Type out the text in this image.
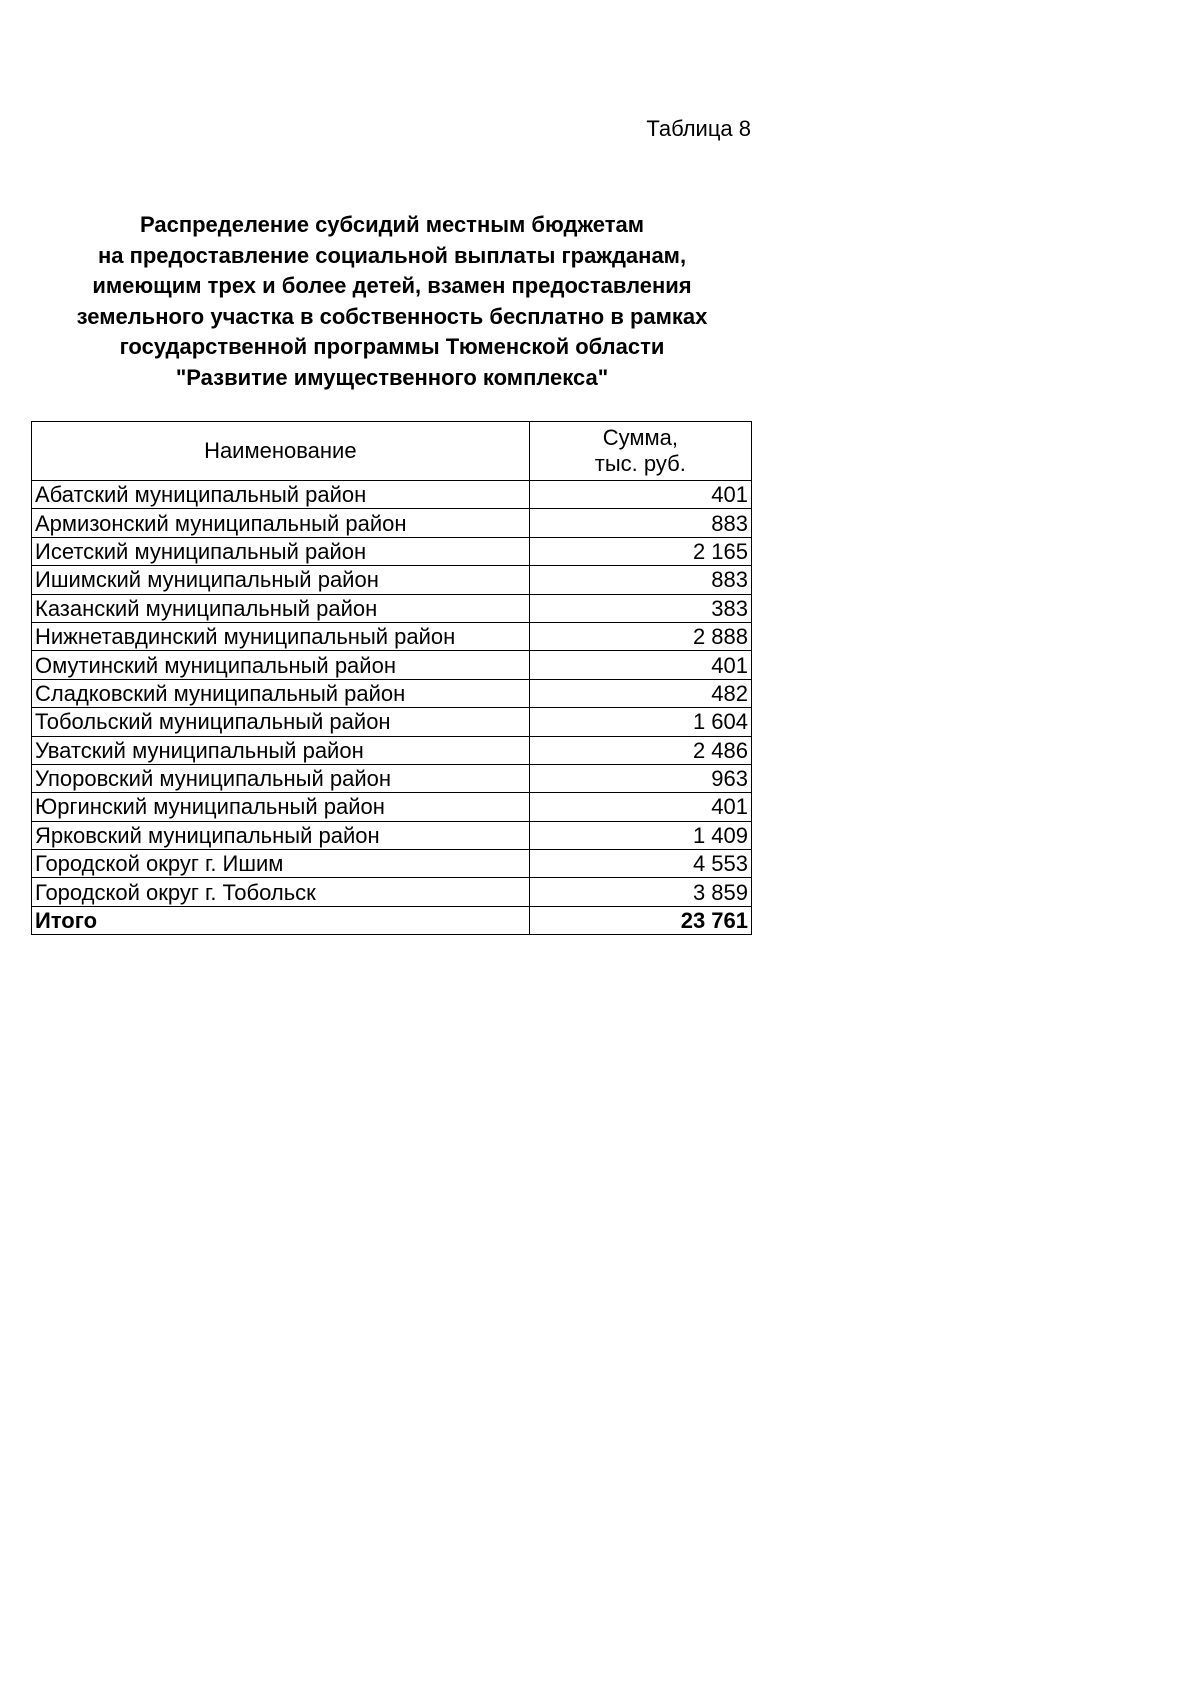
Таблица 8
Распределение субсидий местным бюджетам
на предоставление социальной выплаты гражданам,
имеющим трех и более детей, взамен предоставления
земельного участка в собственность бесплатно в рамках
государственной программы Тюменской области
"Развитие имущественного комплекса"
Наименование	Сумма,
тыс. руб.

Абатский муниципальный район	401
Армизонский муниципальный район	883
Исетский муниципальный район	2 165
Ишимский муниципальный район	883
Казанский муниципальный район	383
Нижнетавдинский муниципальный район	2 888
Омутинский муниципальный район	401
Сладковский муниципальный район	482
Тобольский муниципальный район	1 604
Уватский муниципальный район	2 486
Упоровский муниципальный район	963
Юргинский муниципальный район	401
Ярковский муниципальный район	1 409
Городской округ г. Ишим	4 553
Городской округ г. Тобольск	3 859
Итого	23 761
